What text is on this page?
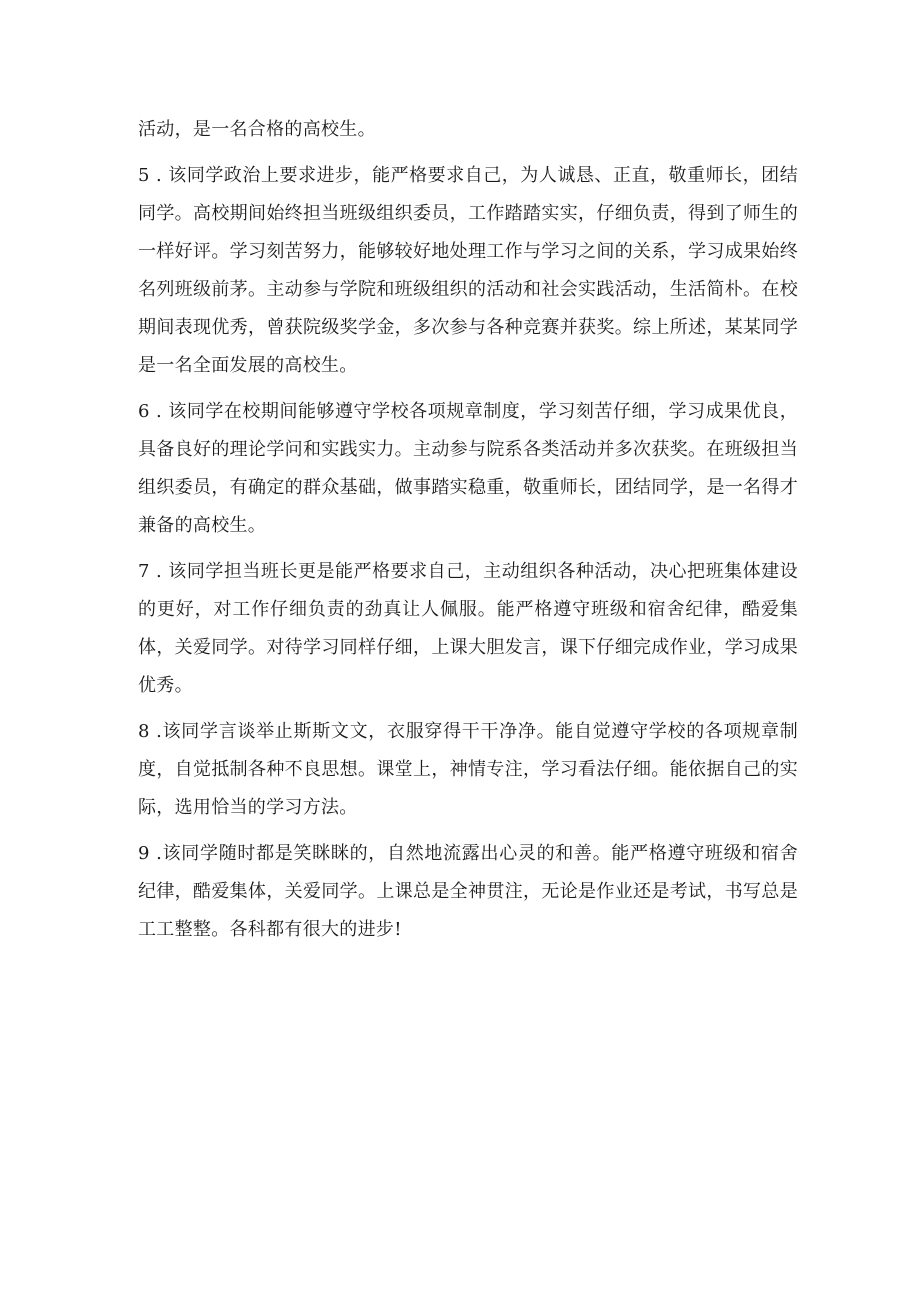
活动，是一名合格的高校生。

5 . 该同学政治上要求进步，能严格要求自己，为人诚恳、正直，敬重师长，团结同学。高校期间始终担当班级组织委员，工作踏踏实实，仔细负责，得到了师生的一样好评。学习刻苦努力，能够较好地处理工作与学习之间的关系，学习成果始终名列班级前茅。主动参与学院和班级组织的活动和社会实践活动，生活简朴。在校期间表现优秀，曾获院级奖学金，多次参与各种竞赛并获奖。综上所述，某某同学是一名全面发展的高校生。

6 . 该同学在校期间能够遵守学校各项规章制度，学习刻苦仔细，学习成果优良，具备良好的理论学问和实践实力。主动参与院系各类活动并多次获奖。在班级担当组织委员，有确定的群众基础，做事踏实稳重，敬重师长，团结同学，是一名得才兼备的高校生。

7 . 该同学担当班长更是能严格要求自己，主动组织各种活动，决心把班集体建设的更好，对工作仔细负责的劲真让人佩服。能严格遵守班级和宿舍纪律，酷爱集体，关爱同学。对待学习同样仔细，上课大胆发言，课下仔细完成作业，学习成果优秀。

8 .该同学言谈举止斯斯文文，衣服穿得干干净净。能自觉遵守学校的各项规章制度，自觉抵制各种不良思想。课堂上，神情专注，学习看法仔细。能依据自己的实际，选用恰当的学习方法。

9 .该同学随时都是笑眯眯的，自然地流露出心灵的和善。能严格遵守班级和宿舍纪律，酷爱集体，关爱同学。上课总是全神贯注，无论是作业还是考试，书写总是工工整整。各科都有很大的进步!
